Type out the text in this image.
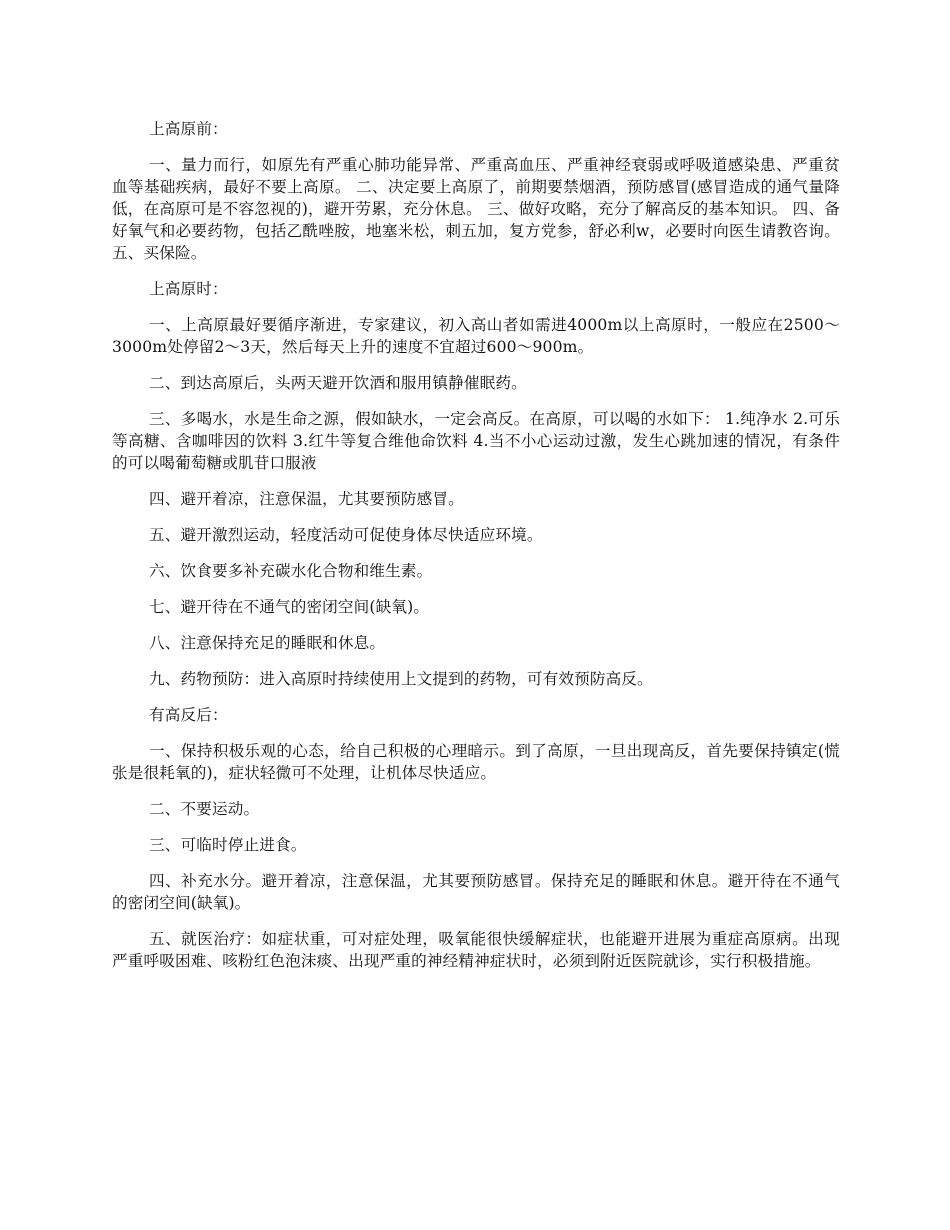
上高原前：

一、量力而行，如原先有严重心肺功能异常、严重高血压、严重神经衰弱或呼吸道感染患、严重贫血等基础疾病，最好不要上高原。 二、决定要上高原了，前期要禁烟酒，预防感冒(感冒造成的通气量降低，在高原可是不容忽视的)，避开劳累，充分休息。 三、做好攻略，充分了解高反的基本知识。 四、备好氧气和必要药物，包括乙酰唑胺，地塞米松，刺五加，复方党参，舒必利w，必要时向医生请教咨询。 五、买保险。

上高原时：

一、上高原最好要循序渐进，专家建议，初入高山者如需进4000m以上高原时，一般应在2500～3000m处停留2～3天，然后每天上升的速度不宜超过600～900m。

二、到达高原后，头两天避开饮酒和服用镇静催眠药。

三、多喝水，水是生命之源，假如缺水，一定会高反。在高原，可以喝的水如下： 1.纯净水 2.可乐等高糖、含咖啡因的饮料 3.红牛等复合维他命饮料 4.当不小心运动过激，发生心跳加速的情况，有条件的可以喝葡萄糖或肌苷口服液

四、避开着凉，注意保温，尤其要预防感冒。

五、避开激烈运动，轻度活动可促使身体尽快适应环境。

六、饮食要多补充碳水化合物和维生素。

七、避开待在不通气的密闭空间(缺氧)。

八、注意保持充足的睡眠和休息。

九、药物预防：进入高原时持续使用上文提到的药物，可有效预防高反。

有高反后：

一、保持积极乐观的心态，给自己积极的心理暗示。到了高原，一旦出现高反，首先要保持镇定(慌张是很耗氧的)，症状轻微可不处理，让机体尽快适应。

二、不要运动。

三、可临时停止进食。

四、补充水分。避开着凉，注意保温，尤其要预防感冒。保持充足的睡眠和休息。避开待在不通气的密闭空间(缺氧)。

五、就医治疗：如症状重，可对症处理，吸氧能很快缓解症状，也能避开进展为重症高原病。出现严重呼吸困难、咳粉红色泡沫痰、出现严重的神经精神症状时，必须到附近医院就诊，实行积极措施。
